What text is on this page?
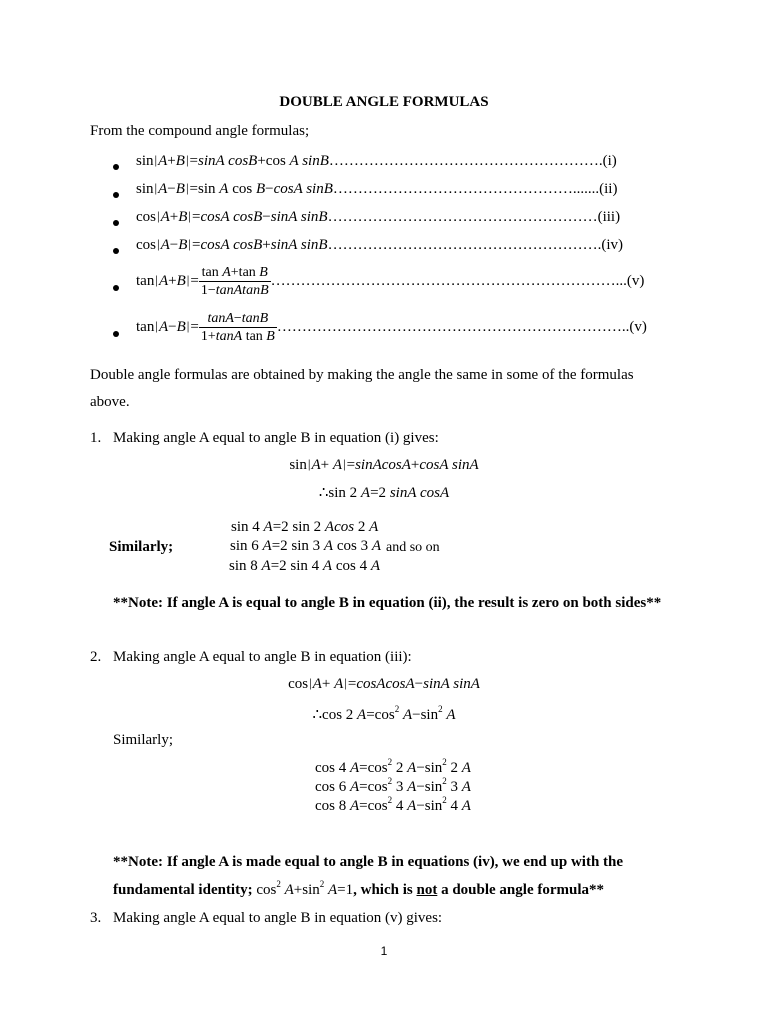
DOUBLE ANGLE FORMULAS
From the compound angle formulas;
sin|A+B|=sinA cosB+cos A sinB……………………………………………….(i)
sin|A−B|=sin A cos B−cosA sinB………………………………………….......(ii)
cos|A+B|=cosA cosB−sinA sinB………………………………………………(iii)
cos|A−B|=cosA cosB+sinA sinB……………………………………………….(iv)
$\tan|A+B|= \frac{\text{tan A+tan B}}{\text{1−tanAtanB}}$ ……………………………………………………………...(v)
$\tan|A-B|= \frac{\tan A-\tan B}{\text{1+tanA tan B}}$ ……………………………………………………………..(v)
Double angle formulas are obtained by making the angle the same in some of the formulas
above.
1. Making angle A equal to angle B in equation (i) gives:
sin|A+ A|=sinAcosA+cosA sinA
∴sin 2 A=2 sinA cosA
Similarly;
sin 4 A=2 sin 2 Acos 2 A
sin 6 A=2 sin 3 A cos 3 A and so on
sin 8 A=2 sin 4 A cos 4 A
**Note: If angle A is equal to angle B in equation (ii), the result is zero on both sides**
2. Making angle A equal to angle B in equation (iii):
cos|A+ A|=cosAcosA−sinA sinA
∴cos 2 $A=\cos^2$ $A-\sin^2$ A
Similarly;
cos 4 $A=\cos^2$ 2 $A-\sin^2$ 2 A
cos 6 $A=\cos^2$ 3 $A-\sin^2$ 3 A
cos 8 $A=\cos^2$ 4 $A-\sin^2$ 4 A
**Note: If angle A is made equal to angle B in equations (iv), we end up with the
fundamental identity; $\cos^2 A+\sin^2$ A=1, which is not a double angle formula**
3. Making angle A equal to angle B in equation (v) gives:
1
